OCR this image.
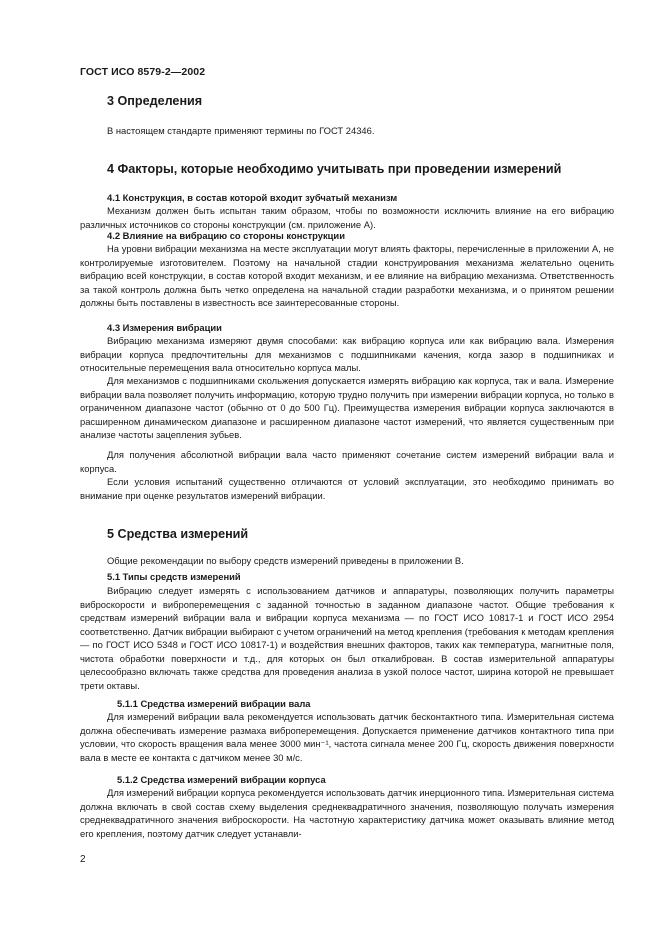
ГОСТ ИСО 8579-2—2002
3 Определения
В настоящем стандарте применяют термины по ГОСТ 24346.
4 Факторы, которые необходимо учитывать при проведении измерений
4.1 Конструкция, в состав которой входит зубчатый механизм
Механизм должен быть испытан таким образом, чтобы по возможности исключить влияние на его вибрацию различных источников со стороны конструкции (см. приложение А).
4.2 Влияние на вибрацию со стороны конструкции
На уровни вибрации механизма на месте эксплуатации могут влиять факторы, перечисленные в приложении А, не контролируемые изготовителем. Поэтому на начальной стадии конструирования механизма желательно оценить вибрацию всей конструкции, в состав которой входит механизм, и ее влияние на вибрацию механизма. Ответственность за такой контроль должна быть четко определена на начальной стадии разработки механизма, и о принятом решении должны быть поставлены в известность все заинтересованные стороны.
4.3 Измерения вибрации
Вибрацию механизма измеряют двумя способами: как вибрацию корпуса или как вибрацию вала. Измерения вибрации корпуса предпочтительны для механизмов с подшипниками качения, когда зазор в подшипниках и относительные перемещения вала относительно корпуса малы.
Для механизмов с подшипниками скольжения допускается измерять вибрацию как корпуса, так и вала. Измерение вибрации вала позволяет получить информацию, которую трудно получить при измерении вибрации корпуса, но только в ограниченном диапазоне частот (обычно от 0 до 500 Гц). Преимущества измерения вибрации корпуса заключаются в расширенном динамическом диапазоне и расширенном диапазоне частот измерений, что является существенным при анализе частоты зацепления зубьев.
Для получения абсолютной вибрации вала часто применяют сочетание систем измерений вибрации вала и корпуса.
Если условия испытаний существенно отличаются от условий эксплуатации, это необходимо принимать во внимание при оценке результатов измерений вибрации.
5 Средства измерений
Общие рекомендации по выбору средств измерений приведены в приложении В.
5.1 Типы средств измерений
Вибрацию следует измерять с использованием датчиков и аппаратуры, позволяющих получить параметры виброскорости и виброперемещения с заданной точностью в заданном диапазоне частот. Общие требования к средствам измерений вибрации вала и вибрации корпуса механизма — по ГОСТ ИСО 10817-1 и ГОСТ ИСО 2954 соответственно. Датчик вибрации выбирают с учетом ограничений на метод крепления (требования к методам крепления — по ГОСТ ИСО 5348 и ГОСТ ИСО 10817-1) и воздействия внешних факторов, таких как температура, магнитные поля, чистота обработки поверхности и т.д., для которых он был откалиброван. В состав измерительной аппаратуры целесообразно включать также средства для проведения анализа в узкой полосе частот, ширина которой не превышает трети октавы.
5.1.1 Средства измерений вибрации вала
Для измерений вибрации вала рекомендуется использовать датчик бесконтактного типа. Измерительная система должна обеспечивать измерение размаха виброперемещения. Допускается применение датчиков контактного типа при условии, что скорость вращения вала менее 3000 мин⁻¹, частота сигнала менее 200 Гц, скорость движения поверхности вала в месте ее контакта с датчиком менее 30 м/с.
5.1.2 Средства измерений вибрации корпуса
Для измерений вибрации корпуса рекомендуется использовать датчик инерционного типа. Измерительная система должна включать в свой состав схему выделения среднеквадратичного значения, позволяющую получать измерения среднеквадратичного значения виброскорости. На частотную характеристику датчика может оказывать влияние метод его крепления, поэтому датчик следует устанавли-
2
